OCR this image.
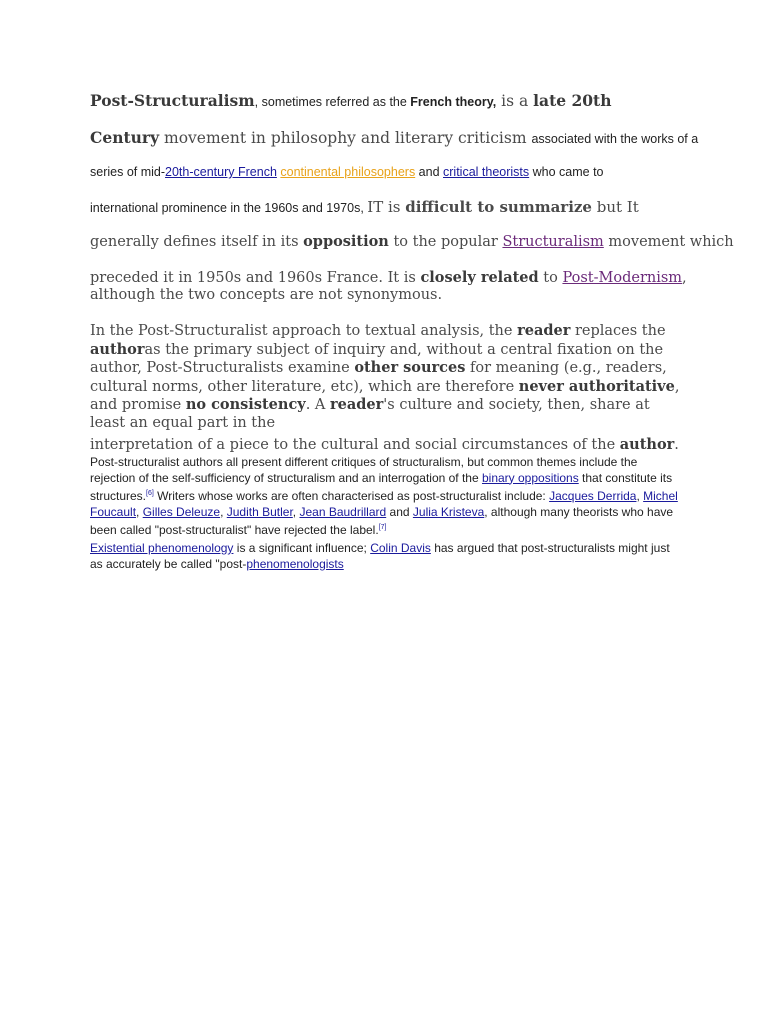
Post-Structuralism, sometimes referred as the French theory, is a late 20th
Century movement in philosophy and literary criticism associated with the works of a
series of mid-20th-century French continental philosophers and critical theorists who came to
international prominence in the 1960s and 1970s, IT is difficult to summarize but It
generally defines itself in its opposition to the popular Structuralism movement which
preceded it in 1950s and 1960s France. It is closely related to Post-Modernism,
although the two concepts are not synonymous.
In the Post-Structuralist approach to textual analysis, the reader replaces the authoras the primary subject of inquiry and, without a central fixation on the author, Post-Structuralists examine other sources for meaning (e.g., readers, cultural norms, other literature, etc), which are therefore never authoritative, and promise no consistency. A reader's culture and society, then, share at least an equal part in the
interpretation of a piece to the cultural and social circumstances of the author.
Post-structuralist authors all present different critiques of structuralism, but common themes include the rejection of the self-sufficiency of structuralism and an interrogation of the binary oppositions that constitute its structures.[6] Writers whose works are often characterised as post-structuralist include: Jacques Derrida, Michel Foucault, Gilles Deleuze, Judith Butler, Jean Baudrillard and Julia Kristeva, although many theorists who have been called "post-structuralist" have rejected the label.[7]
Existential phenomenology is a significant influence; Colin Davis has argued that post-structuralists might just as accurately be called "post-phenomenologists
